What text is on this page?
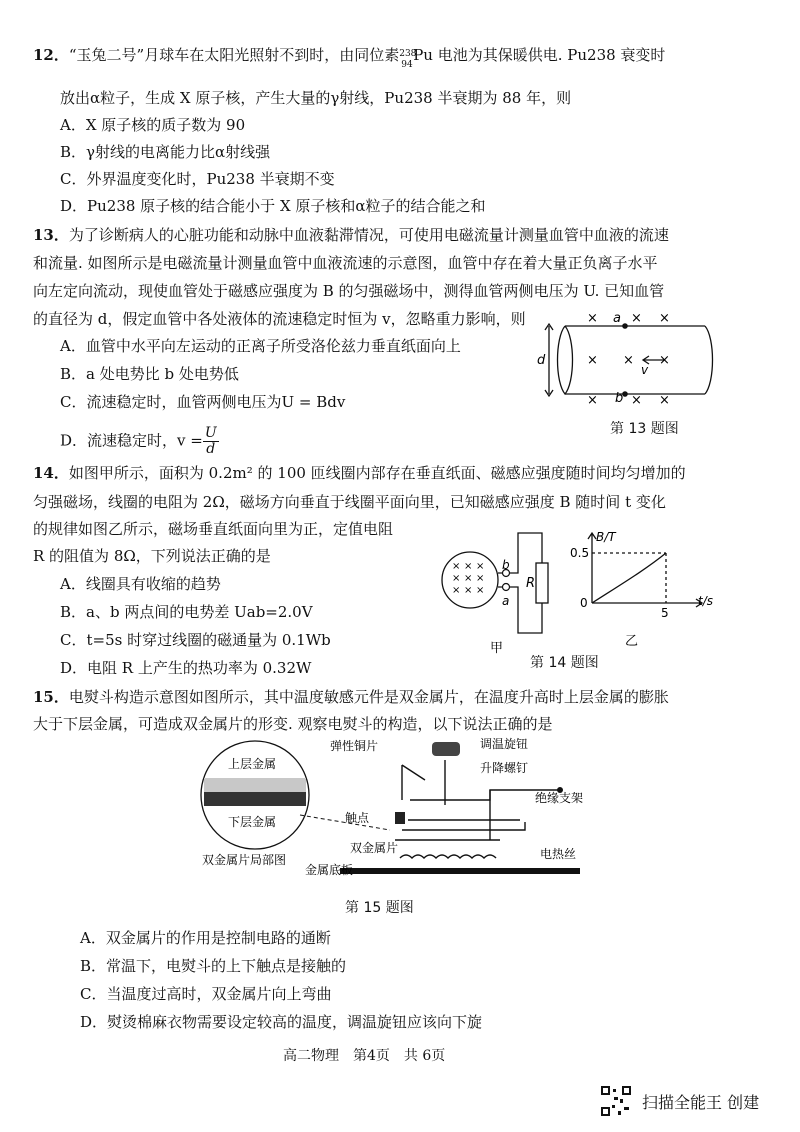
12．“玉兔二号”月球车在太阳光照射不到时，由同位素 238
94
Pu 电池为其保暖供电. Pu238 衰变时
放出α粒子，生成 X 原子核，产生大量的γ射线，Pu238 半衰期为 88 年，则
A．X 原子核的质子数为 90
B．γ射线的电离能力比α射线强
C．外界温度变化时，Pu238 半衰期不变
D．Pu238 原子核的结合能小于 X 原子核和α粒子的结合能之和
13．为了诊断病人的心脏功能和动脉中血液黏滞情况，可使用电磁流量计测量血管中血液的流速
和流量. 如图所示是电磁流量计测量血管中血液流速的示意图，血管中存在着大量正负离子水平
向左定向流动，现使血管处于磁感应强度为 B 的匀强磁场中，测得血管两侧电压为 U. 已知血管
的直径为 d，假定血管中各处液体的流速稳定时恒为 v，忽略重力影响，则
A．血管中水平向左运动的正离子所受洛伦兹力垂直纸面向上
B．a 处电势比 b 处电势低
C．流速稳定时，血管两侧电压为U = Bdv
D．流速稳定时，$v = \frac{U}{d}$
d
a
b
v
×	× ×
× × ×
×	× ×
第 13 题图
14．如图甲所示，面积为 0.2m² 的 100 匝线圈内部存在垂直纸面、磁感应强度随时间均匀增加的
匀强磁场，线圈的电阻为 2Ω，磁场方向垂直于线圈平面向里，已知磁感应强度 B 随时间 t 变化
的规律如图乙所示，磁场垂直纸面向里为正，定值电阻
R 的阻值为 8Ω，下列说法正确的是
A．线圈具有收缩的趋势
B．a、b 两点间的电势差 Uab=2.0V
C．t=5s 时穿过线圈的磁通量为 0.1Wb
D．电阻 R 上产生的热功率为 0.32W
× × ×
× × ×
× × ×
b
a
R
甲
B/T
t/s
0.5
5
0
乙
第 14 题图
15．电熨斗构造示意图如图所示，其中温度敏感元件是双金属片，在温度升高时上层金属的膨胀
大于下层金属，可造成双金属片的形变. 观察电熨斗的构造，以下说法正确的是
上层金属
下层金属
双金属片局部图
弹性铜片	调温旋钮
升降螺钉
绝缘支架
触点
双金属片	电热丝
金属底板
第 15 题图
A．双金属片的作用是控制电路的通断
B．常温下，电熨斗的上下触点是接触的
C．当温度过高时，双金属片向上弯曲
D．熨烫棉麻衣物需要设定较高的温度，调温旋钮应该向下旋
高二物理 第4页 共 6页
扫描全能王 创建
